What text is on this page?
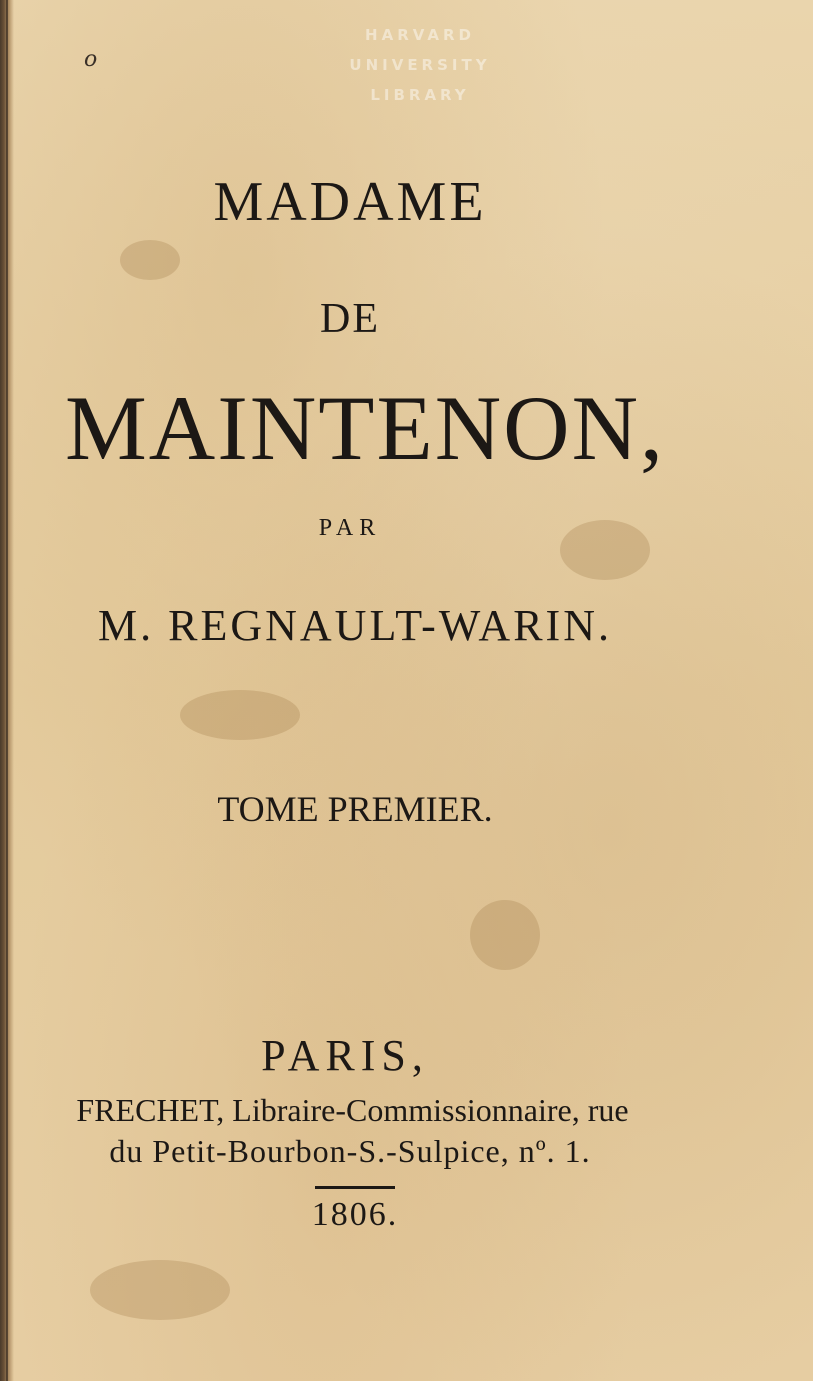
HARVARD
UNIVERSITY
LIBRARY
o
MADAME
DE
MAINTENON,
PAR
M. REGNAULT-WARIN.
TOME PREMIER.
PARIS,
FRECHET, Libraire-Commissionnaire, rue
du Petit-Bourbon-S.-Sulpice, nº. 1.
1806.
